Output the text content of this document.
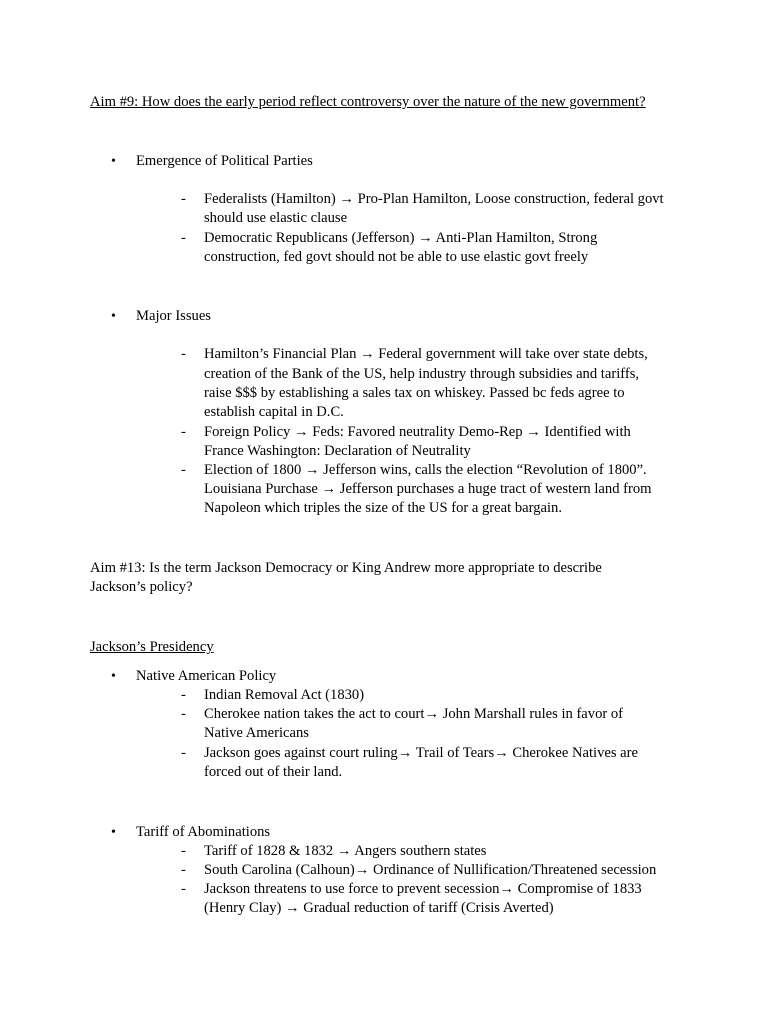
Aim #9: How does the early period reflect controversy over the nature of the new government?
• Emergence of Political Parties
- Federalists (Hamilton) → Pro-Plan Hamilton, Loose construction, federal govt
should use elastic clause
- Democratic Republicans (Jefferson) → Anti-Plan Hamilton, Strong
construction, fed govt should not be able to use elastic govt freely
• Major Issues
- Hamilton’s Financial Plan → Federal government will take over state debts,
creation of the Bank of the US, help industry through subsidies and tariffs,
raise $$$ by establishing a sales tax on whiskey. Passed bc feds agree to
establish capital in D.C.
- Foreign Policy → Feds: Favored neutrality Demo-Rep → Identified with
France Washington: Declaration of Neutrality
- Election of 1800 → Jefferson wins, calls the election “Revolution of 1800”.
Louisiana Purchase → Jefferson purchases a huge tract of western land from
Napoleon which triples the size of the US for a great bargain.
Aim #13: Is the term Jackson Democracy or King Andrew more appropriate to describe
Jackson’s policy?
Jackson’s Presidency
• Native American Policy
- Indian Removal Act (1830)
- Cherokee nation takes the act to court→ John Marshall rules in favor of
Native Americans
- Jackson goes against court ruling→ Trail of Tears→ Cherokee Natives are
forced out of their land.
• Tariff of Abominations
- Tariff of 1828 & 1832 → Angers southern states
- South Carolina (Calhoun)→ Ordinance of Nullification/Threatened secession
- Jackson threatens to use force to prevent secession→ Compromise of 1833
(Henry Clay) → Gradual reduction of tariff (Crisis Averted)
